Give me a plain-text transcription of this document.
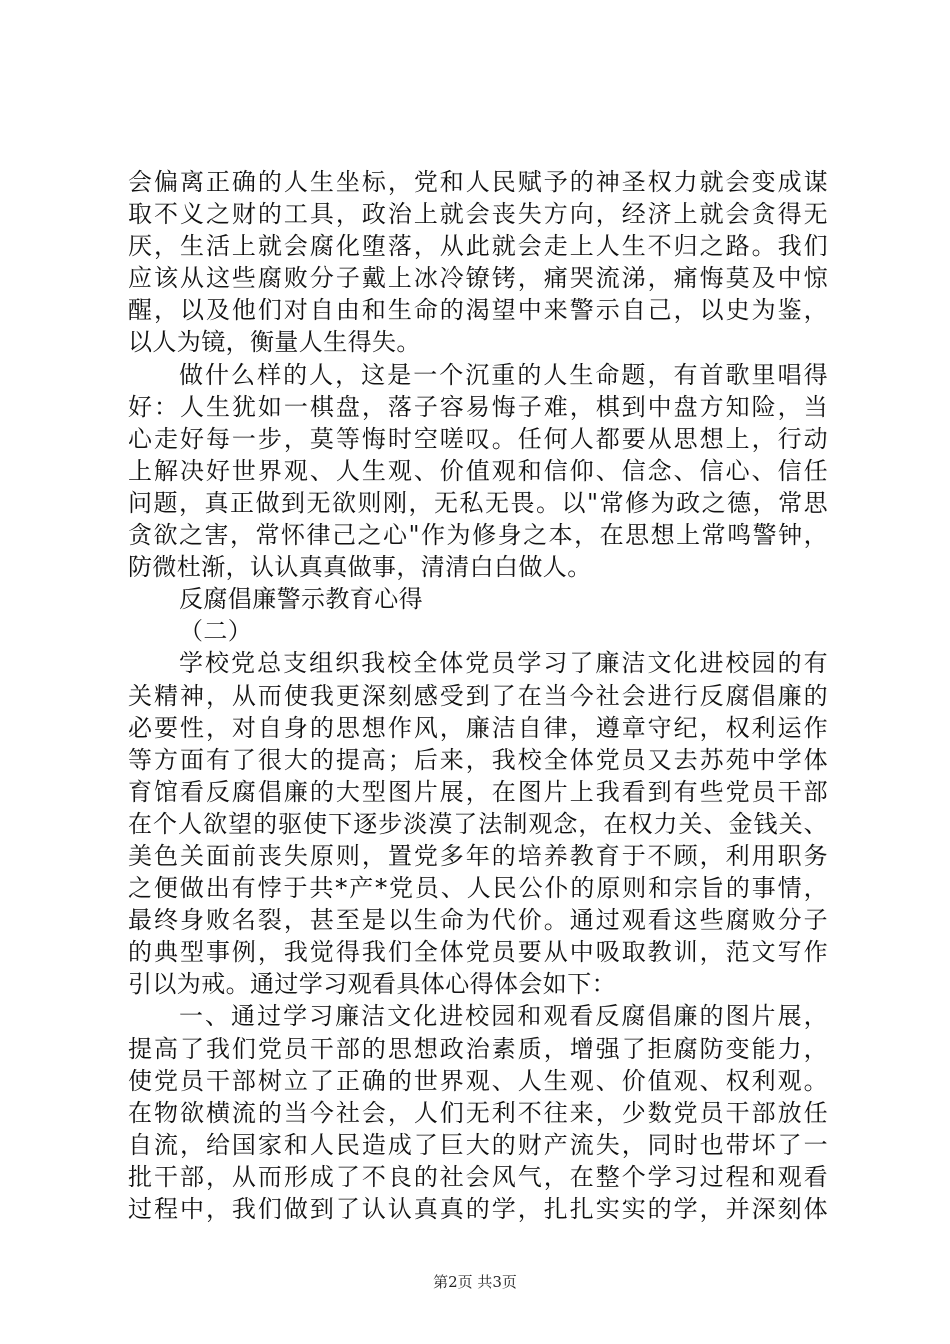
会偏离正确的人生坐标，党和人民赋予的神圣权力就会变成谋
取不义之财的工具，政治上就会丧失方向，经济上就会贪得无
厌，生活上就会腐化堕落，从此就会走上人生不归之路。我们
应该从这些腐败分子戴上冰冷镣铐，痛哭流涕，痛悔莫及中惊
醒，以及他们对自由和生命的渴望中来警示自己，以史为鉴，
以人为镜，衡量人生得失。
做什么样的人，这是一个沉重的人生命题，有首歌里唱得
好：人生犹如一棋盘，落子容易悔子难，棋到中盘方知险，当
心走好每一步，莫等悔时空嗟叹。任何人都要从思想上，行动
上解决好世界观、人生观、价值观和信仰、信念、信心、信任
问题，真正做到无欲则刚，无私无畏。以"常修为政之德，常思
贪欲之害，常怀律己之心"作为修身之本，在思想上常鸣警钟，
防微杜渐，认认真真做事，清清白白做人。
反腐倡廉警示教育心得
（二）
学校党总支组织我校全体党员学习了廉洁文化进校园的有
关精神，从而使我更深刻感受到了在当今社会进行反腐倡廉的
必要性，对自身的思想作风，廉洁自律，遵章守纪，权利运作
等方面有了很大的提高；后来，我校全体党员又去苏苑中学体
育馆看反腐倡廉的大型图片展，在图片上我看到有些党员干部
在个人欲望的驱使下逐步淡漠了法制观念，在权力关、金钱关、
美色关面前丧失原则，置党多年的培养教育于不顾，利用职务
之便做出有悖于共*产*党员、人民公仆的原则和宗旨的事情，
最终身败名裂，甚至是以生命为代价。通过观看这些腐败分子
的典型事例，我觉得我们全体党员要从中吸取教训，范文写作
引以为戒。通过学习观看具体心得体会如下：
一、通过学习廉洁文化进校园和观看反腐倡廉的图片展，
提高了我们党员干部的思想政治素质，增强了拒腐防变能力，
使党员干部树立了正确的世界观、人生观、价值观、权利观。
在物欲横流的当今社会，人们无利不往来，少数党员干部放任
自流，给国家和人民造成了巨大的财产流失，同时也带坏了一
批干部，从而形成了不良的社会风气，在整个学习过程和观看
过程中，我们做到了认认真真的学，扎扎实实的学，并深刻体
第2页 共3页
